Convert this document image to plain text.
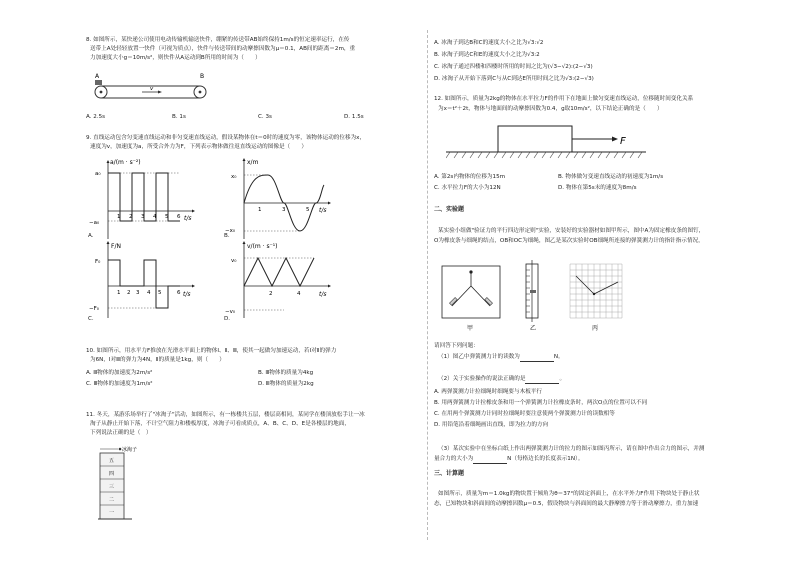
8. 如图所示，某快递公司使用电动传输机输送快件，绷紧的传送带AB始终保持1m/s的恒定速率运行，在传
送带上A处轻轻放置一快件（可视为质点），快件与传送带间的动摩擦因数为μ＝0.1，AB间的距离＝2m，重
力加速度大小g＝10m/s²，则快件从A运动到B所用的时间为（　　）
A	B
v
A. 2.5s	B. 1s	C. 3s	D. 1.5s
9. 直线运动包含匀变速直线运动和非匀变速直线运动，假设某物体在t＝0时的速度为零，该物体运动的位移为x，
速度为v，加速度为a，所受合外力为F，下列表示物体做往返直线运动的图像是（　　）
a/(m · s⁻²)
t/s
a₀
−a₀
1 2 3 4 5 6
A.
x/m
t/s
x₀
−x₀
1	3	5
B.
F/N
t/s
F₀
−F₀
1 2 3 4 5	6
C.
v/(m · s⁻¹)
t/s
v₀
−v₀
2	4
D.
10. 如图所示，用水平力F推放在光滑水平面上的物体Ⅰ、Ⅱ、Ⅲ，使其一起做匀加速运动，若Ⅰ对Ⅱ的弹力
为6N，Ⅰ对Ⅲ的弹力为4N，Ⅱ的质量是1kg，则（　　）
A. Ⅲ物体的加速度为2m/s²	B. Ⅲ物体的质量为4kg
C. Ⅲ物体的加速度为1m/s²	D. Ⅲ物体的质量为2kg
11. 冬天，某游乐场举行了"冰淘子"活动，如图所示，有一栋楼共五层，楼层高相同，某同学在楼顶放松手让一冰
淘子从静止开始下落，不计空气阻力和楼板厚度，冰淘子可看成质点，A、B、C、D、E是各楼层的地面，
下列说法正确的是（　）
冰淘子
五
四
三
二
一
A. 冰淘子到达B和C的速度大小之比为√3:√2
B. 冰淘子到达C和E的速度大小之比为√3:2
C. 冰淘子通过四楼和四楼时所用的时间之比为(√3−√2):(2−√3)
D. 冰淘子从开始下落到C与从C到达E所用时间之比为√3:(2−√3)
12. 如图所示，质量为2kg的物体在水平拉力F的作用下在地面上做匀变速直线运动，位移随时间变化关系
为x＝t²＋2t，物体与地面间的动摩擦因数为0.4，g取10m/s²，以下结论正确的是（　　）
F
A. 第2s内物体的位移为15m	B. 物体做匀变速直线运动的初速度为1m/s
C. 水平拉力F的大小为12N	D. 物体在第5s末的速度为8m/s
二、实验题
某实验小组做"验证力的平行四边形定则"实验，安装好的实验器材如图甲所示，图中A为固定橡皮条的图钉，
O为橡皮条与细绳的结点，OB和OC为细绳，图乙是某次实验时OB细绳所连接的弹簧测力计的指针指示情况，
甲	乙	丙
请回答下列问题：
（1）图乙中弹簧测力计的读数为	N。
（2）关于实验操作的说法正确的是	。
A. 两弹簧测力计拉细绳时细绳要与木板平行
B. 用两弹簧测力计拉橡皮条和用一个弹簧测力计拉橡皮条时，两次O点的位置可以不同
C. 在用两个弹簧测力计同时拉细绳时要注意使两个弹簧测力计的读数相等
D. 用铅笔沿着细绳画出直线，即为拉力的方向
（3）某次实验中在坐标白纸上作出两弹簧测力计的拉力的图示如图丙所示，请在图中作出合力的图示，并测
量合力的大小为	N（每格边长的长度表示1N）。
三、计算题
如图所示，质量为m＝1.0kg的物块置于倾角为θ＝37°的固定斜面上，在水平外力F作用下物块处于静止状
态，已知物块和斜面间的动摩擦因数μ＝0.5，假设物块与斜面间的最大静摩擦力等于滑动摩擦力，重力加速
